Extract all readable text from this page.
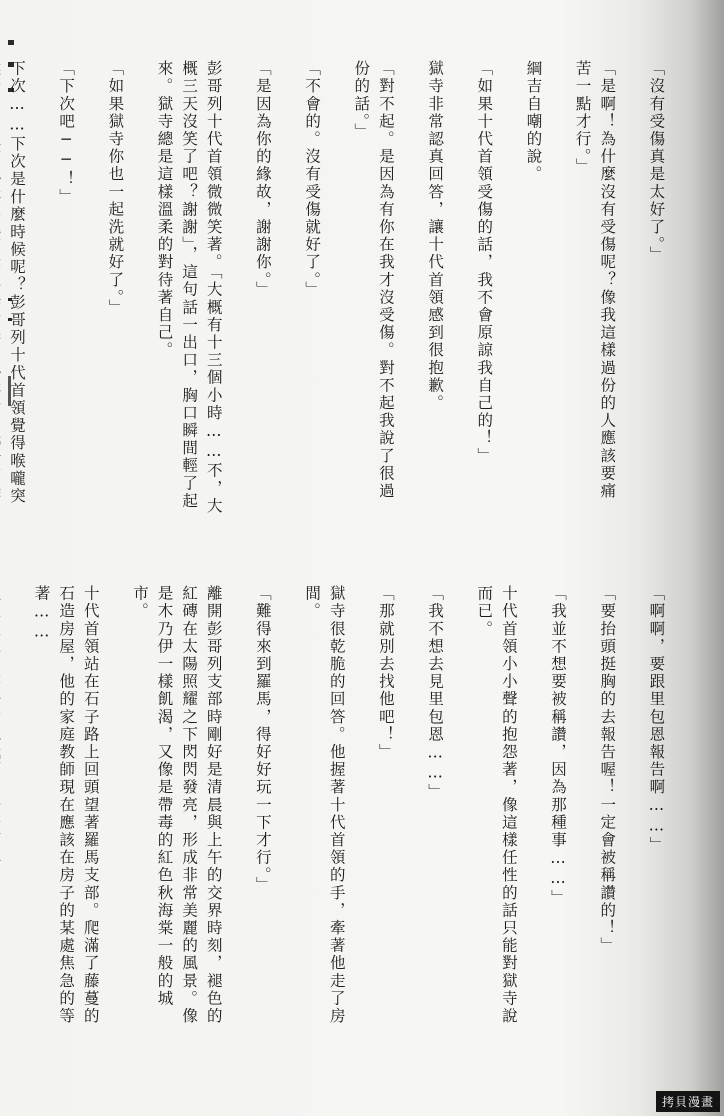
「沒有受傷真是太好了。」

「是啊！為什麼沒有受傷呢？像我這樣過份的人應該要痛苦一點才行。」

綱吉自嘲的說。

「如果十代首領受傷的話，我不會原諒我自己的！」

獄寺非常認真回答，讓十代首領感到很抱歉。

「對不起。是因為有你在我才沒受傷。對不起我說了很過份的話。」

「不會的。沒有受傷就好了。」

「是因為你的緣故，謝謝你。」

彭哥列十代首領微微笑著。「大概有十三個小時……不，大概三天沒笑了吧？謝謝」，這句話一出口，胸口瞬間輕了起來。獄寺總是這樣溫柔的對待著自己。

「如果獄寺你也一起洗就好了。」

「下次吧──！」

下次……下次是什麼時候呢？彭哥列十代首領覺得喉嚨突

「啊啊，要跟里包恩報告啊……」

「要抬頭挺胸的去報告喔！一定會被稱讚的！」

「我並不想要被稱讚，因為那種事……」

十代首領小小聲的抱怨著，像這樣任性的話只能對獄寺說而已。

「我不想去見里包恩……」

「那就別去找他吧！」

獄寺很乾脆的回答。他握著十代首領的手，牽著他走了房間。

「難得來到羅馬，得好好玩一下才行。」

離開彭哥列支部時剛好是清晨與上午的交界時刻，褪色的紅磚在太陽照耀之下閃閃發亮，形成非常美麗的風景。像是木乃伊一樣飢渴，又像是帶毒的紅色秋海棠一般的城市。

十代首領站在石子路上回頭望著羅馬支部。爬滿了藤蔓的石造房屋，他的家庭教師現在應該在房子的某處焦急的等著……

拷貝漫畫
